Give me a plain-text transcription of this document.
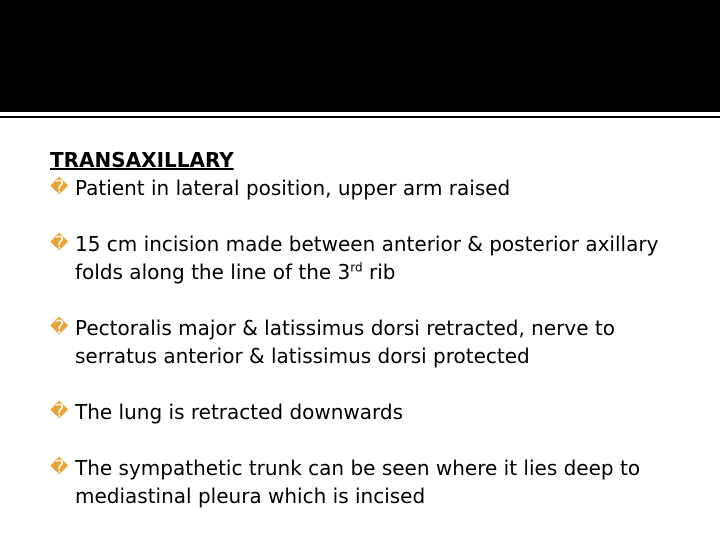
TRANSAXILLARY

� Patient in lateral position, upper arm raised

� 15 cm incision made between anterior & posterior axillary folds along the line of the 3rd rib

� Pectoralis major & latissimus dorsi retracted, nerve to serratus anterior & latissimus dorsi protected

� The lung is retracted downwards

� The sympathetic trunk can be seen where it lies deep to mediastinal pleura which is incised
